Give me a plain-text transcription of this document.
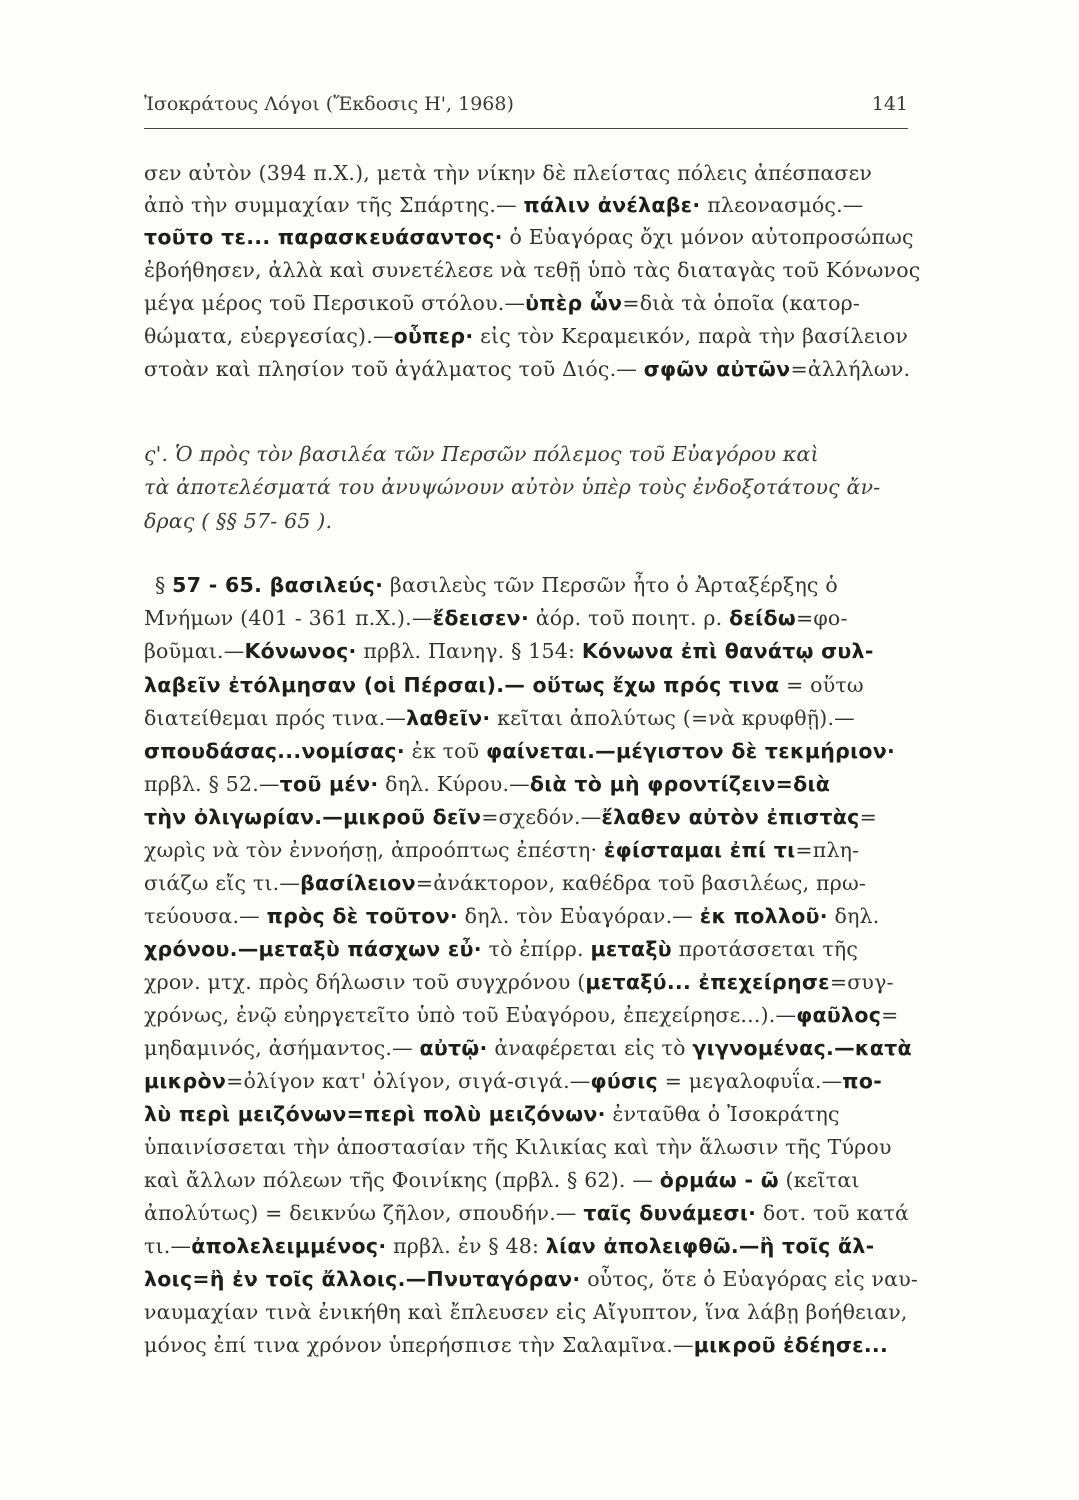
Ἰσοκράτους Λόγοι (Ἔκδοσις Η', 1968)	141
σεν αὐτὸν (394 π.Χ.), μετὰ τὴν νίκην δὲ πλείστας πόλεις ἀπέσπασεν
ἀπὸ τὴν συμμαχίαν τῆς Σπάρτης.— πάλιν ἀνέλαβε· πλεονασμός.—
τοῦτο τε... παρασκευάσαντος· ὁ Εὐαγόρας ὄχι μόνον αὐτοπροσώπως
ἐβοήθησεν, ἀλλὰ καὶ συνετέλεσε νὰ τεθῇ ὑπὸ τὰς διαταγὰς τοῦ Κόνωνος
μέγα μέρος τοῦ Περσικοῦ στόλου.—ὑπὲρ ὧν=διὰ τὰ ὁποῖα (κατορ-
θώματα, εὐεργεσίας).—οὗπερ· εἰς τὸν Κεραμεικόν, παρὰ τὴν βασίλειον
στοὰν καὶ πλησίον τοῦ ἀγάλματος τοῦ Διός.— σφῶν αὐτῶν=ἀλλήλων.
ς'. Ὁ πρὸς τὸν βασιλέα τῶν Περσῶν πόλεμος τοῦ Εὐαγόρου καὶ
τὰ ἀποτελέσματά του ἀνυψώνουν αὐτὸν ὑπὲρ τοὺς ἐνδοξοτάτους ἄν-
δρας ( §§ 57- 65 ).
§ 57 - 65. βασιλεύς· βασιλεὺς τῶν Περσῶν ἦτο ὁ Ἀρταξέρξης ὁ
Μνήμων (401 - 361 π.Χ.).—ἔδεισεν· ἀόρ. τοῦ ποιητ. ρ. δείδω=φο-
βοῦμαι.—Κόνωνος· πρβλ. Πανηγ. § 154: Κόνωνα ἐπὶ θανάτῳ συλ-
λαβεῖν ἐτόλμησαν (οἱ Πέρσαι).— οὕτως ἔχω πρός τινα = οὕτω
διατείθεμαι πρός τινα.—λαθεῖν· κεῖται ἀπολύτως (=νὰ κρυφθῇ).—
σπουδάσας...νομίσας· ἐκ τοῦ φαίνεται.—μέγιστον δὲ τεκμήριον·
πρβλ. § 52.—τοῦ μέν· δηλ. Κύρου.—διὰ τὸ μὴ φροντίζειν=διὰ
τὴν ὀλιγωρίαν.—μικροῦ δεῖν=σχεδόν.—ἔλαθεν αὐτὸν ἐπιστὰς=
χωρὶς νὰ τὸν ἐννοήσῃ, ἀπροόπτως ἐπέστη· ἐφίσταμαι ἐπί τι=πλη-
σιάζω εἴς τι.—βασίλειον=ἀνάκτορον, καθέδρα τοῦ βασιλέως, πρω-
τεύουσα.— πρὸς δὲ τοῦτον· δηλ. τὸν Εὐαγόραν.— ἐκ πολλοῦ· δηλ.
χρόνου.—μεταξὺ πάσχων εὖ· τὸ ἐπίρρ. μεταξὺ προτάσσεται τῆς
χρον. μτχ. πρὸς δήλωσιν τοῦ συγχρόνου (μεταξύ... ἐπεχείρησε=συγ-
χρόνως, ἐνῷ εὐηργετεῖτο ὑπὸ τοῦ Εὐαγόρου, ἐπεχείρησε...).—φαῦλος=
μηδαμινός, ἀσήμαντος.— αὐτῷ· ἀναφέρεται εἰς τὸ γιγνομένας.—κατὰ
μικρὸν=ὀλίγον κατ' ὀλίγον, σιγά-σιγά.—φύσις = μεγαλοφυΐα.—πο-
λὺ περὶ μειζόνων=περὶ πολὺ μειζόνων· ἐνταῦθα ὁ Ἰσοκράτης
ὑπαινίσσεται τὴν ἀποστασίαν τῆς Κιλικίας καὶ τὴν ἅλωσιν τῆς Τύρου
καὶ ἄλλων πόλεων τῆς Φοινίκης (πρβλ. § 62). — ὁρμάω - ῶ (κεῖται
ἀπολύτως) = δεικνύω ζῆλον, σπουδήν.— ταῖς δυνάμεσι· δοτ. τοῦ κατά
τι.—ἀπολελειμμένος· πρβλ. ἐν § 48: λίαν ἀπολειφθῶ.—ἢ τοῖς ἄλ-
λοις=ἢ ἐν τοῖς ἄλλοις.—Πνυταγόραν· οὗτος, ὅτε ὁ Εὐαγόρας εἰς ναυ-
ναυμαχίαν τινὰ ἐνικήθη καὶ ἔπλευσεν εἰς Αἴγυπτον, ἵνα λάβῃ βοήθειαν,
μόνος ἐπί τινα χρόνον ὑπερήσπισε τὴν Σαλαμῖνα.—μικροῦ ἐδέησε...
